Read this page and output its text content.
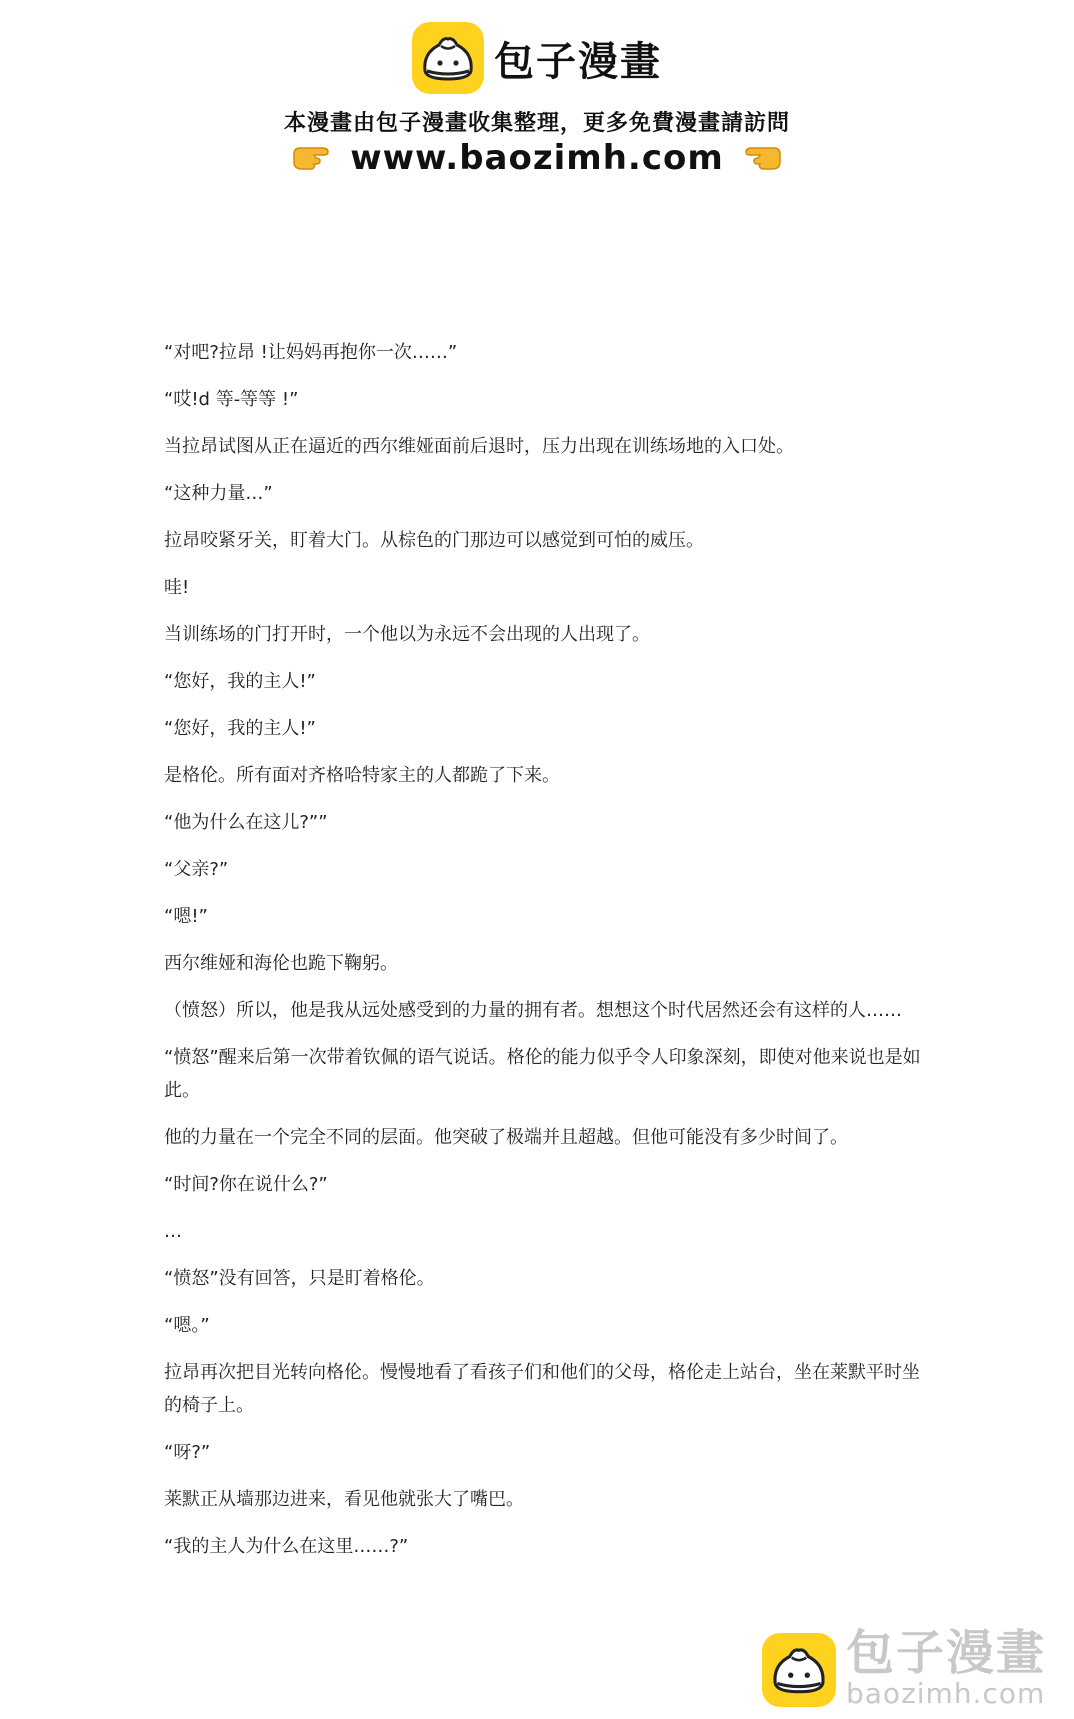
包子漫畫
本漫畫由包子漫畫收集整理，更多免費漫畫請訪問
www.baozimh.com

“对吧?拉昂 !让妈妈再抱你一次……”

“哎!d 等-等等 !”

当拉昂试图从正在逼近的西尔维娅面前后退时，压力出现在训练场地的入口处。

“这种力量…”

拉昂咬紧牙关，盯着大门。从棕色的门那边可以感觉到可怕的威压。

哇!

当训练场的门打开时，一个他以为永远不会出现的人出现了。

“您好，我的主人!”

“您好，我的主人!”

是格伦。所有面对齐格哈特家主的人都跪了下来。

“他为什么在这儿?””

“父亲?”

“嗯!”

西尔维娅和海伦也跪下鞠躬。

（愤怒）所以，他是我从远处感受到的力量的拥有者。想想这个时代居然还会有这样的人……

“愤怒”醒来后第一次带着钦佩的语气说话。格伦的能力似乎令人印象深刻，即使对他来说也是如此。

他的力量在一个完全不同的层面。他突破了极端并且超越。但他可能没有多少时间了。

“时间?你在说什么?”

…

“愤怒”没有回答，只是盯着格伦。

“嗯。”

拉昂再次把目光转向格伦。慢慢地看了看孩子们和他们的父母，格伦走上站台，坐在莱默平时坐的椅子上。

“呀?”

莱默正从墙那边进来，看见他就张大了嘴巴。

“我的主人为什么在这里……?”

包子漫畫
baozimh.com
